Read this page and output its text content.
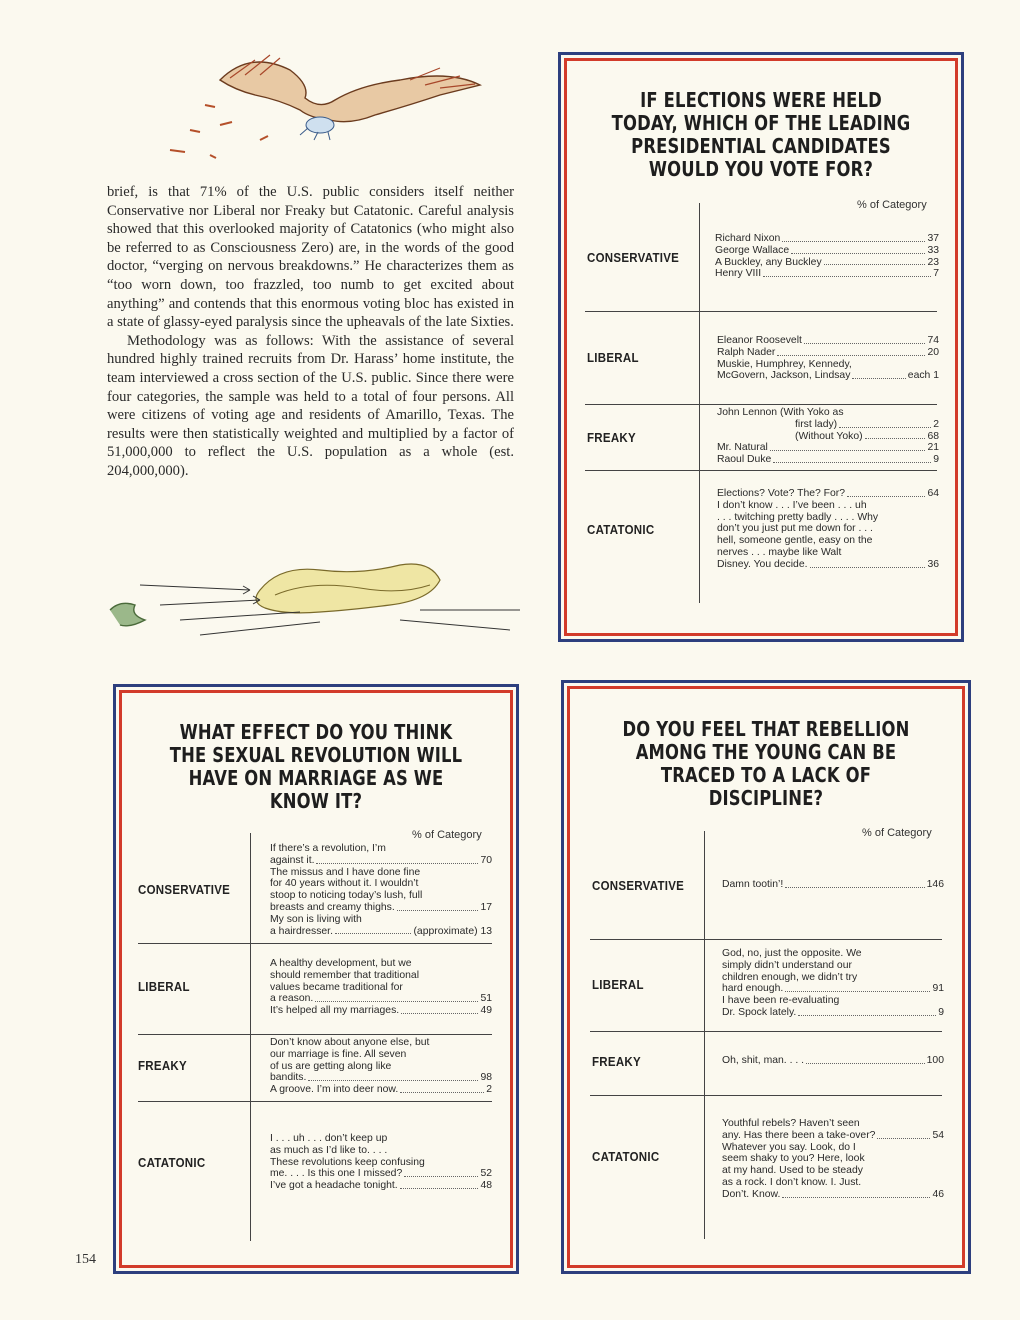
brief, is that 71% of the U.S. public considers itself neither Conservative nor Liberal nor Freaky but Catatonic. Careful analysis showed that this overlooked majority of Catatonics (who might also be referred to as Consciousness Zero) are, in the words of the good doctor, “verging on nervous breakdowns.” He characterizes them as “too worn down, too frazzled, too numb to get excited about anything” and contends that this enormous voting bloc has existed in a state of glassy-eyed paralysis since the upheavals of the late Sixties.

Methodology was as follows: With the assistance of several hundred highly trained recruits from Dr. Harass’ home institute, the team interviewed a cross section of the U.S. public. Since there were four categories, the sample was held to a total of four persons. All were citizens of voting age and residents of Amarillo, Texas. The results were then statistically weighted and multiplied by a factor of 51,000,000 to reflect the U.S. population as a whole (est. 204,000,000).

154
IF ELECTIONS WERE HELD TODAY, WHICH OF THE LEADING PRESIDENTIAL CANDIDATES WOULD YOU VOTE FOR?
% of Category
CONSERVATIVE
Richard Nixon	37
George Wallace	33
A Buckley, any Buckley	23
Henry VIII	7
LIBERAL
Eleanor Roosevelt	74
Ralph Nader	20
Muskie, Humphrey, Kennedy,
McGovern, Jackson, Lindsay	each 1
FREAKY
John Lennon (With Yoko as
first lady)	2
(Without Yoko)	68
Mr. Natural	21
Raoul Duke	9
CATATONIC
Elections? Vote? The? For?	64
I don’t know . . . I’ve been . . . uh
. . . twitching pretty badly . . . . Why
don’t you just put me down for . . .
hell, someone gentle, easy on the
nerves . . . maybe like Walt
Disney. You decide.	36
WHAT EFFECT DO YOU THINK THE SEXUAL REVOLUTION WILL HAVE ON MARRIAGE AS WE KNOW IT?
% of Category
CONSERVATIVE
If there’s a revolution, I’m
against it.	70
The missus and I have done fine
for 40 years without it. I wouldn’t
stoop to noticing today’s lush, full
breasts and creamy thighs.	17
My son is living with
a hairdresser.	(approximate) 13
LIBERAL
A healthy development, but we
should remember that traditional
values became traditional for
a reason.	51
It’s helped all my marriages.	49
FREAKY
Don’t know about anyone else, but
our marriage is fine. All seven
of us are getting along like
bandits.	98
A groove. I’m into deer now.	2
CATATONIC
I . . . uh . . . don’t keep up
as much as I’d like to. . . .
These revolutions keep confusing
me. . . . Is this one I missed?	52
I’ve got a headache tonight.	48
DO YOU FEEL THAT REBELLION AMONG THE YOUNG CAN BE TRACED TO A LACK OF DISCIPLINE?
% of Category
CONSERVATIVE	Damn tootin’!	146
LIBERAL
God, no, just the opposite. We
simply didn’t understand our
children enough, we didn’t try
hard enough.	91
I have been re-evaluating
Dr. Spock lately.	9
FREAKY	Oh, shit, man. . . .	100
CATATONIC
Youthful rebels? Haven’t seen
any. Has there been a take-over?	54
Whatever you say. Look, do I
seem shaky to you? Here, look
at my hand. Used to be steady
as a rock. I don’t know. I. Just.
Don’t. Know.	46
